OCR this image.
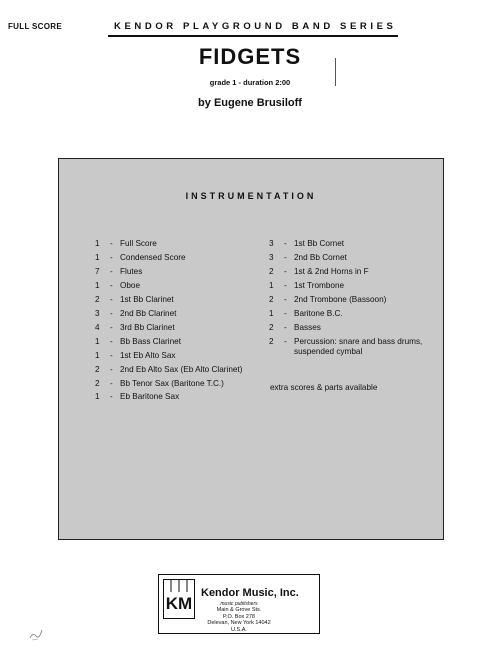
FULL SCORE	KENDOR PLAYGROUND BAND SERIES
FIDGETS
grade 1 - duration 2:00
by Eugene Brusiloff
INSTRUMENTATION
1	- Full Score
1	- Condensed Score
7	- Flutes
1	- Oboe
2	- 1st Bb Clarinet
3	- 2nd Bb Clarinet
4	- 3rd Bb Clarinet
1	- Bb Bass Clarinet
1	- 1st Eb Alto Sax
2	- 2nd Eb Alto Sax (Eb Alto Clarinet)
2	- Bb Tenor Sax (Baritone T.C.)
1	- Eb Baritone Sax
3	- 1st Bb Cornet
3	- 2nd Bb Cornet
2	- 1st & 2nd Horns in F
1	- 1st Trombone
2	- 2nd Trombone (Bassoon)
1	- Baritone B.C.
2	- Basses
2	- Percussion: snare and bass drums, suspended cymbal
extra scores & parts available
KM
Kendor Music, Inc.
music publishers
Main & Grove Sts.
P.O. Box 278
Delevan, New York 14042
U.S.A.
